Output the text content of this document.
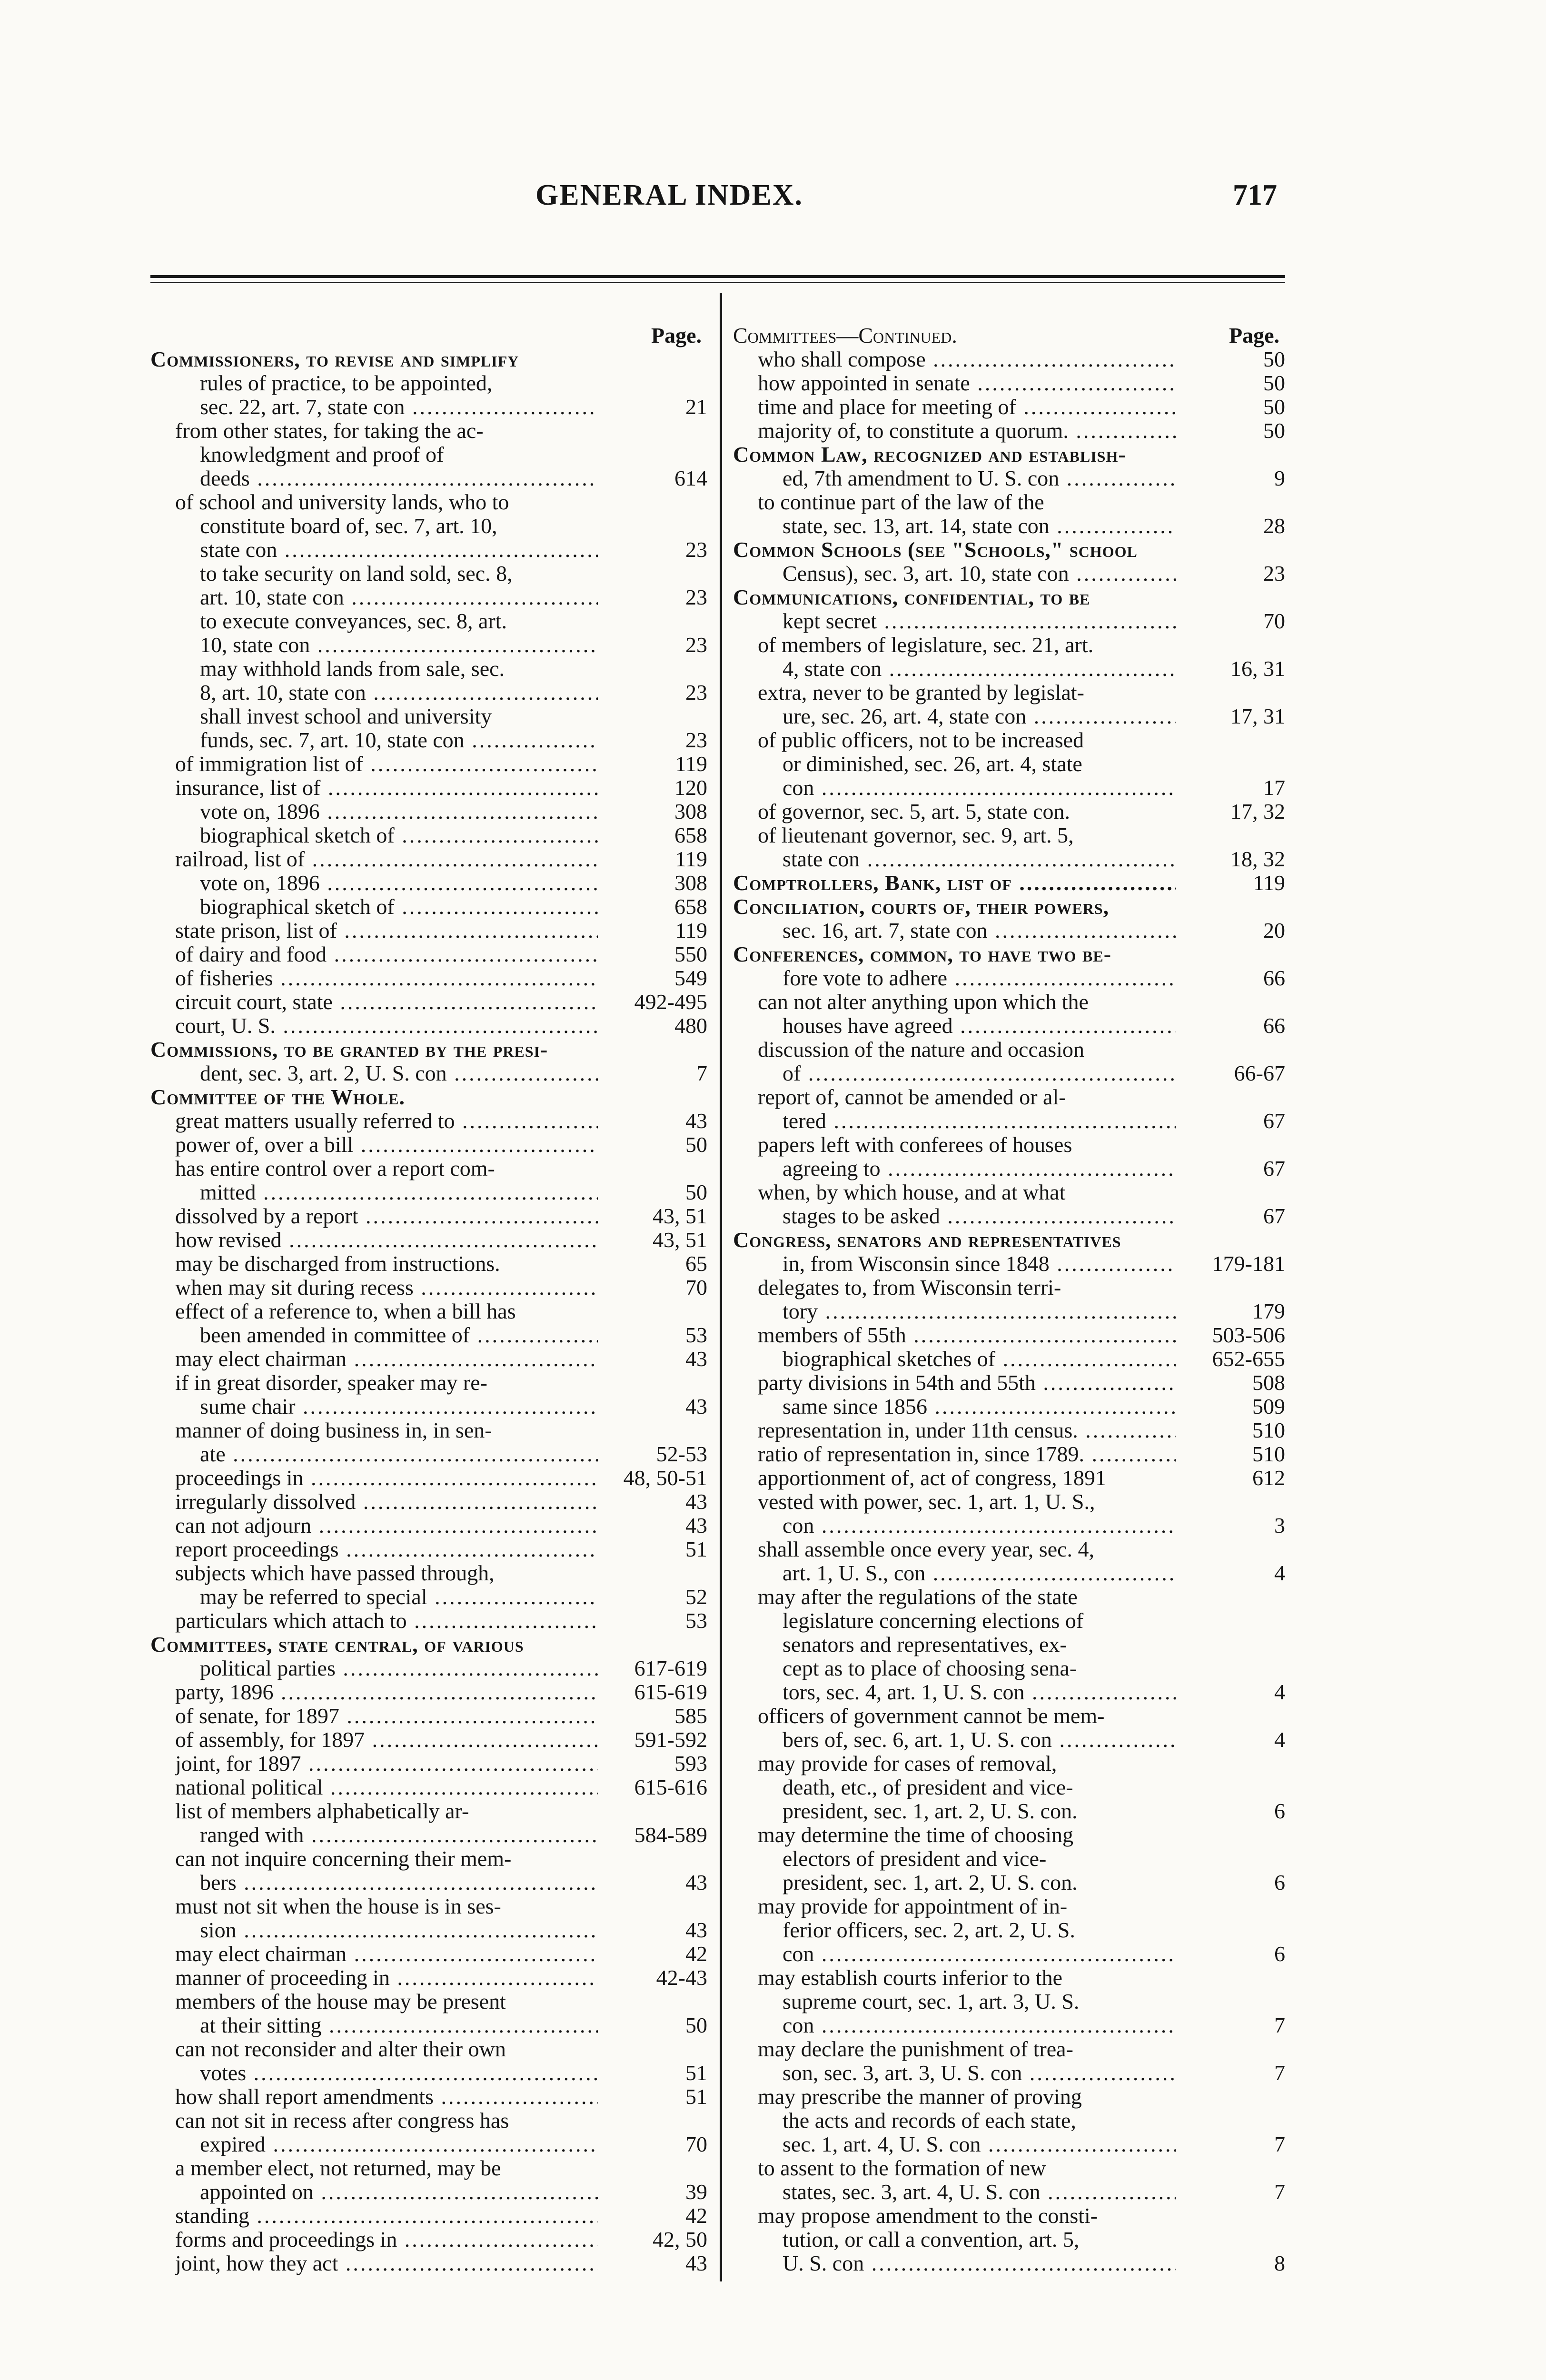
GENERAL INDEX.	717
Page.
Commissioners, to revise and simplify
rules of practice, to be appointed,
sec. 22, art. 7, state con .....	21
from other states, for taking the ac-
knowledgment and proof of
deeds .....	614
of school and university lands, who to
constitute board of, sec. 7, art. 10,
state con .....	23
to take security on land sold, sec. 8,
art. 10, state con .....	23
to execute conveyances, sec. 8, art.
10, state con .....	23
may withhold lands from sale, sec.
8, art. 10, state con .....	23
shall invest school and university
funds, sec. 7, art. 10, state con .....	23
of immigration list of .....	119
insurance, list of .....	120
vote on, 1896 .....	308
biographical sketch of .....	658
railroad, list of .....	119
vote on, 1896 .....	308
biographical sketch of .....	658
state prison, list of .....	119
of dairy and food .....	550
of fisheries .....	549
circuit court, state .....	492-495
court, U. S. .....	480
Commissions, to be granted by the presi-
dent, sec. 3, art. 2, U. S. con .....	7
Committee of the Whole.
great matters usually referred to .....	43
power of, over a bill .....	50
has entire control over a report com-
mitted .....	50
dissolved by a report .....	43, 51
how revised .....	43, 51
may be discharged from instructions.	65
when may sit during recess .....	70
effect of a reference to, when a bill has
been amended in committee of .....	53
may elect chairman .....	43
if in great disorder, speaker may re-
sume chair .....	43
manner of doing business in, in sen-
ate .....	52-53
proceedings in .....	48, 50-51
irregularly dissolved .....	43
can not adjourn .....	43
report proceedings .....	51
subjects which have passed through,
may be referred to special .....	52
particulars which attach to .....	53
Committees, state central, of various
political parties .....	617-619
party, 1896 .....	615-619
of senate, for 1897 .....	585
of assembly, for 1897 .....	591-592
joint, for 1897 .....	593
national political .....	615-616
list of members alphabetically ar-
ranged with .....	584-589
can not inquire concerning their mem-
bers .....	43
must not sit when the house is in ses-
sion .....	43
may elect chairman .....	42
manner of proceeding in .....	42-43
members of the house may be present
at their sitting .....	50
can not reconsider and alter their own
votes .....	51
how shall report amendments .....	51
can not sit in recess after congress has
expired .....	70
a member elect, not returned, may be
appointed on .....	39
standing .....	42
forms and proceedings in .....	42, 50
joint, how they act .....	43
Committees—Continued.	Page.
who shall compose .....	50
how appointed in senate .....	50
time and place for meeting of .....	50
majority of, to constitute a quorum. .....	50
Common Law, recognized and establish-
ed, 7th amendment to U. S. con .....	9
to continue part of the law of the
state, sec. 13, art. 14, state con .....	28
Common Schools (see "Schools," school
Census), sec. 3, art. 10, state con .....	23
Communications, confidential, to be
kept secret .....	70
of members of legislature, sec. 21, art.
4, state con .....	16, 31
extra, never to be granted by legislat-
ure, sec. 26, art. 4, state con .....	17, 31
of public officers, not to be increased
or diminished, sec. 26, art. 4, state
con .....	17
of governor, sec. 5, art. 5, state con.	17, 32
of lieutenant governor, sec. 9, art. 5,
state con .....	18, 32
Comptrollers, Bank, list of .....	119
Conciliation, courts of, their powers,
sec. 16, art. 7, state con .....	20
Conferences, common, to have two be-
fore vote to adhere .....	66
can not alter anything upon which the
houses have agreed .....	66
discussion of the nature and occasion
of .....	66-67
report of, cannot be amended or al-
tered .....	67
papers left with conferees of houses
agreeing to .....	67
when, by which house, and at what
stages to be asked .....	67
Congress, senators and representatives
in, from Wisconsin since 1848 .....	179-181
delegates to, from Wisconsin terri-
tory .....	179
members of 55th .....	503-506
biographical sketches of .....	652-655
party divisions in 54th and 55th .....	508
same since 1856 .....	509
representation in, under 11th census. .....	510
ratio of representation in, since 1789. .....	510
apportionment of, act of congress, 1891	612
vested with power, sec. 1, art. 1, U. S.,
con .....	3
shall assemble once every year, sec. 4,
art. 1, U. S., con .....	4
may after the regulations of the state
legislature concerning elections of
senators and representatives, ex-
cept as to place of choosing sena-
tors, sec. 4, art. 1, U. S. con .....	4
officers of government cannot be mem-
bers of, sec. 6, art. 1, U. S. con .....	4
may provide for cases of removal,
death, etc., of president and vice-
president, sec. 1, art. 2, U. S. con.	6
may determine the time of choosing
electors of president and vice-
president, sec. 1, art. 2, U. S. con.	6
may provide for appointment of in-
ferior officers, sec. 2, art. 2, U. S.
con .....	6
may establish courts inferior to the
supreme court, sec. 1, art. 3, U. S.
con .....	7
may declare the punishment of trea-
son, sec. 3, art. 3, U. S. con .....	7
may prescribe the manner of proving
the acts and records of each state,
sec. 1, art. 4, U. S. con .....	7
to assent to the formation of new
states, sec. 3, art. 4, U. S. con .....	7
may propose amendment to the consti-
tution, or call a convention, art. 5,
U. S. con .....	8
